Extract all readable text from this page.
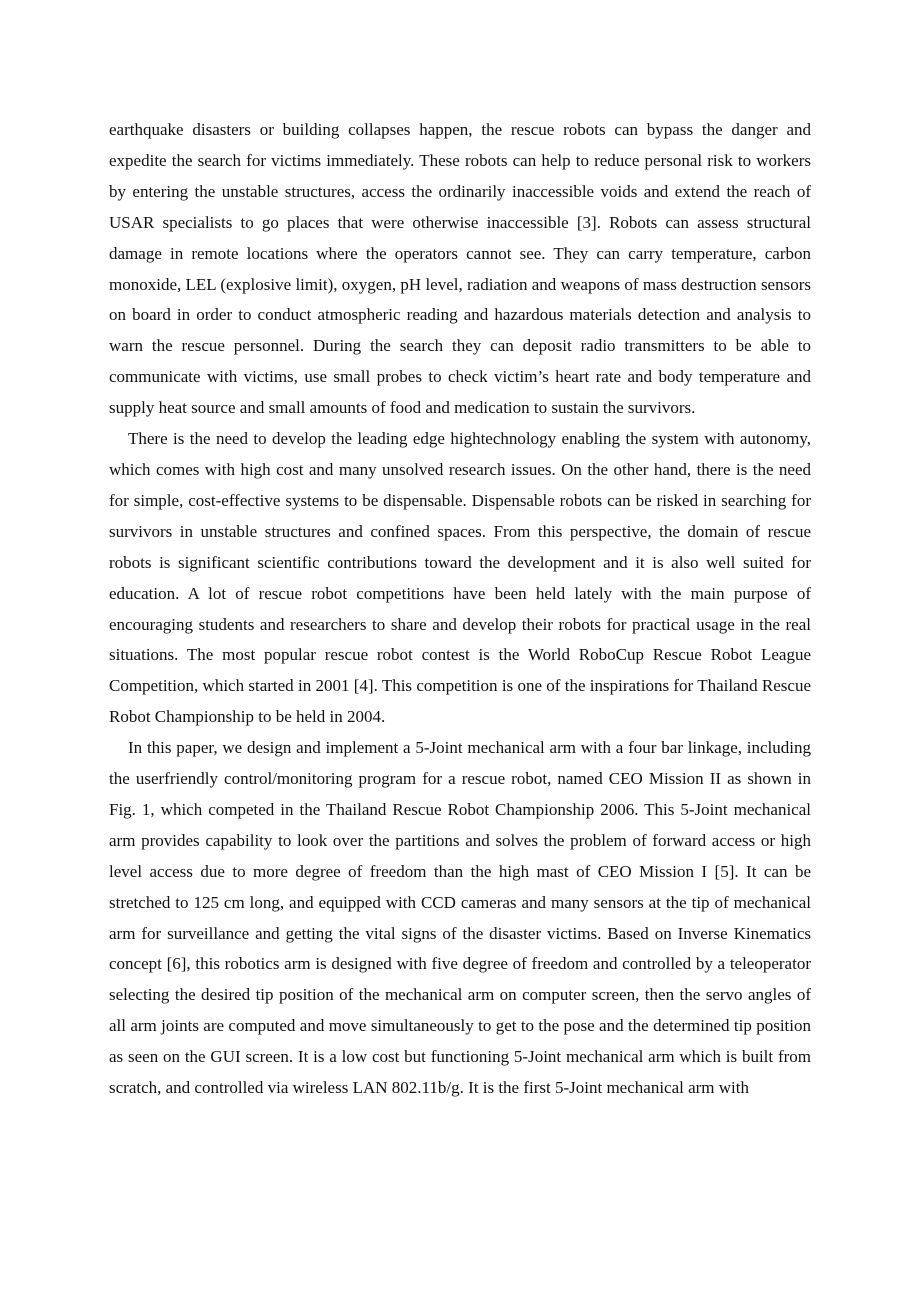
earthquake disasters or building collapses happen, the rescue robots can bypass the danger and expedite the search for victims immediately. These robots can help to reduce personal risk to workers by entering the unstable structures, access the ordinarily inaccessible voids and extend the reach of USAR specialists to go places that were otherwise inaccessible [3]. Robots can assess structural damage in remote locations where the operators cannot see. They can carry temperature, carbon monoxide, LEL (explosive limit), oxygen, pH level, radiation and weapons of mass destruction sensors on board in order to conduct atmospheric reading and hazardous materials detection and analysis to warn the rescue personnel. During the search they can deposit radio transmitters to be able to communicate with victims, use small probes to check victim’s heart rate and body temperature and supply heat source and small amounts of food and medication to sustain the survivors.

There is the need to develop the leading edge hightechnology enabling the system with autonomy, which comes with high cost and many unsolved research issues. On the other hand, there is the need for simple, cost-effective systems to be dispensable. Dispensable robots can be risked in searching for survivors in unstable structures and confined spaces. From this perspective, the domain of rescue robots is significant scientific contributions toward the development and it is also well suited for education. A lot of rescue robot competitions have been held lately with the main purpose of encouraging students and researchers to share and develop their robots for practical usage in the real situations. The most popular rescue robot contest is the World RoboCup Rescue Robot League Competition, which started in 2001 [4]. This competition is one of the inspirations for Thailand Rescue Robot Championship to be held in 2004.

In this paper, we design and implement a 5-Joint mechanical arm with a four bar linkage, including the userfriendly control/monitoring program for a rescue robot, named CEO Mission II as shown in Fig. 1, which competed in the Thailand Rescue Robot Championship 2006. This 5-Joint mechanical arm provides capability to look over the partitions and solves the problem of forward access or high level access due to more degree of freedom than the high mast of CEO Mission I [5]. It can be stretched to 125 cm long, and equipped with CCD cameras and many sensors at the tip of mechanical arm for surveillance and getting the vital signs of the disaster victims. Based on Inverse Kinematics concept [6], this robotics arm is designed with five degree of freedom and controlled by a teleoperator selecting the desired tip position of the mechanical arm on computer screen, then the servo angles of all arm joints are computed and move simultaneously to get to the pose and the determined tip position as seen on the GUI screen. It is a low cost but functioning 5-Joint mechanical arm which is built from scratch, and controlled via wireless LAN 802.11b/g. It is the first 5-Joint mechanical arm with
